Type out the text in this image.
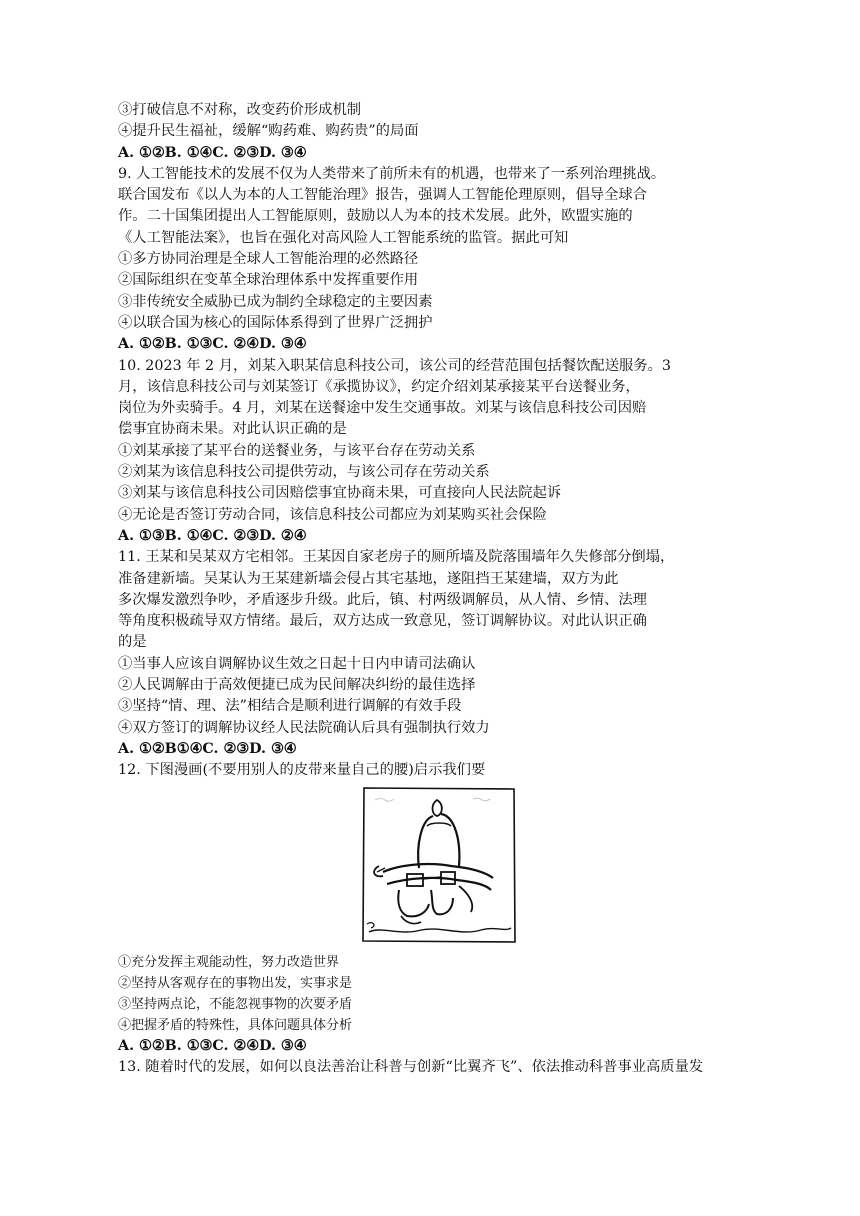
③打破信息不对称，改变药价形成机制
④提升民生福祉，缓解“购药难、购药贵”的局面
A. ①②B. ①④C. ②③D. ③④
9. 人工智能技术的发展不仅为人类带来了前所未有的机遇，也带来了一系列治理挑战。
联合国发布《以人为本的人工智能治理》报告，强调人工智能伦理原则，倡导全球合
作。二十国集团提出人工智能原则，鼓励以人为本的技术发展。此外，欧盟实施的
《人工智能法案》，也旨在强化对高风险人工智能系统的监管。据此可知
①多方协同治理是全球人工智能治理的必然路径
②国际组织在变革全球治理体系中发挥重要作用
③非传统安全威胁已成为制约全球稳定的主要因素
④以联合国为核心的国际体系得到了世界广泛拥护
A. ①②B. ①③C. ②④D. ③④
10. 2023 年 2 月，刘某入职某信息科技公司，该公司的经营范围包括餐饮配送服务。3
月，该信息科技公司与刘某签订《承揽协议》，约定介绍刘某承接某平台送餐业务，
岗位为外卖骑手。4 月，刘某在送餐途中发生交通事故。刘某与该信息科技公司因赔
偿事宜协商未果。对此认识正确的是
①刘某承接了某平台的送餐业务，与该平台存在劳动关系
②刘某为该信息科技公司提供劳动，与该公司存在劳动关系
③刘某与该信息科技公司因赔偿事宜协商未果，可直接向人民法院起诉
④无论是否签订劳动合同，该信息科技公司都应为刘某购买社会保险
A. ①③B. ①④C. ②③D. ②④
11. 王某和吴某双方宅相邻。王某因自家老房子的厕所墙及院落围墙年久失修部分倒塌，
准备建新墙。吴某认为王某建新墙会侵占其宅基地，遂阻挡王某建墙，双方为此
多次爆发激烈争吵，矛盾逐步升级。此后，镇、村两级调解员，从人情、乡情、法理
等角度积极疏导双方情绪。最后，双方达成一致意见，签订调解协议。对此认识正确
的是
①当事人应该自调解协议生效之日起十日内申请司法确认
②人民调解由于高效便捷已成为民间解决纠纷的最佳选择
③坚持“情、理、法”相结合是顺利进行调解的有效手段
④双方签订的调解协议经人民法院确认后具有强制执行效力
A. ①②B①④C. ②③D. ③④
12. 下图漫画(不要用别人的皮带来量自己的腰)启示我们要
①充分发挥主观能动性，努力改造世界
②坚持从客观存在的事物出发，实事求是
③坚持两点论，不能忽视事物的次要矛盾
④把握矛盾的特殊性，具体问题具体分析
A. ①②B. ①③C. ②④D. ③④
13. 随着时代的发展，如何以良法善治让科普与创新“比翼齐飞”、依法推动科普事业高质量发
